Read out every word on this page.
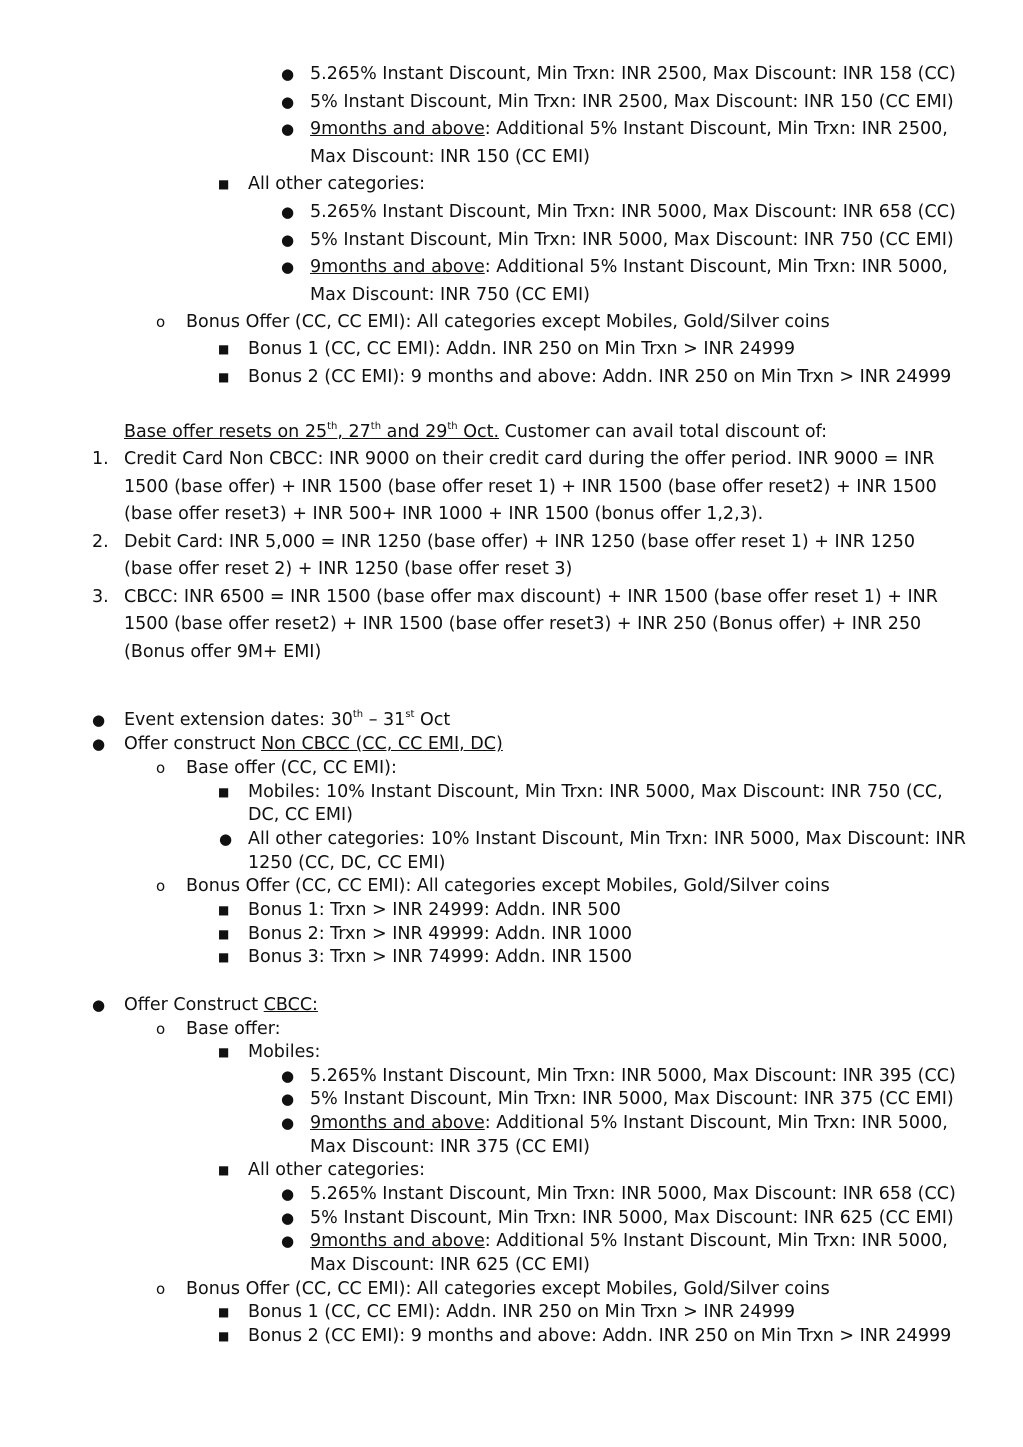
● 5.265% Instant Discount, Min Trxn: INR 2500, Max Discount: INR 158 (CC)
● 5% Instant Discount, Min Trxn: INR 2500, Max Discount: INR 150 (CC EMI)
● 9months and above: Additional 5% Instant Discount, Min Trxn: INR 2500,
Max Discount: INR 150 (CC EMI)
■ All other categories:
● 5.265% Instant Discount, Min Trxn: INR 5000, Max Discount: INR 658 (CC)
● 5% Instant Discount, Min Trxn: INR 5000, Max Discount: INR 750 (CC EMI)
● 9months and above: Additional 5% Instant Discount, Min Trxn: INR 5000,
Max Discount: INR 750 (CC EMI)
o Bonus Offer (CC, CC EMI): All categories except Mobiles, Gold/Silver coins
■ Bonus 1 (CC, CC EMI): Addn. INR 250 on Min Trxn > INR 24999
■ Bonus 2 (CC EMI): 9 months and above: Addn. INR 250 on Min Trxn > INR 24999
Base offer resets on 25th, 27th and 29th Oct. Customer can avail total discount of:
1. Credit Card Non CBCC: INR 9000 on their credit card during the offer period. INR 9000 = INR
1500 (base offer) + INR 1500 (base offer reset 1) + INR 1500 (base offer reset2) + INR 1500
(base offer reset3) + INR 500+ INR 1000 + INR 1500 (bonus offer 1,2,3).
2. Debit Card: INR 5,000 = INR 1250 (base offer) + INR 1250 (base offer reset 1) + INR 1250
(base offer reset 2) + INR 1250 (base offer reset 3)
3. CBCC: INR 6500 = INR 1500 (base offer max discount) + INR 1500 (base offer reset 1) + INR
1500 (base offer reset2) + INR 1500 (base offer reset3) + INR 250 (Bonus offer) + INR 250
(Bonus offer 9M+ EMI)
● Event extension dates: 30th – 31st Oct
● Offer construct Non CBCC (CC, CC EMI, DC)
o Base offer (CC, CC EMI):
■ Mobiles: 10% Instant Discount, Min Trxn: INR 5000, Max Discount: INR 750 (CC,
DC, CC EMI)
● All other categories: 10% Instant Discount, Min Trxn: INR 5000, Max Discount: INR
1250 (CC, DC, CC EMI)
o Bonus Offer (CC, CC EMI): All categories except Mobiles, Gold/Silver coins
■ Bonus 1: Trxn > INR 24999: Addn. INR 500
■ Bonus 2: Trxn > INR 49999: Addn. INR 1000
■ Bonus 3: Trxn > INR 74999: Addn. INR 1500
● Offer Construct CBCC:
o Base offer:
■ Mobiles:
● 5.265% Instant Discount, Min Trxn: INR 5000, Max Discount: INR 395 (CC)
● 5% Instant Discount, Min Trxn: INR 5000, Max Discount: INR 375 (CC EMI)
● 9months and above: Additional 5% Instant Discount, Min Trxn: INR 5000,
Max Discount: INR 375 (CC EMI)
■ All other categories:
● 5.265% Instant Discount, Min Trxn: INR 5000, Max Discount: INR 658 (CC)
● 5% Instant Discount, Min Trxn: INR 5000, Max Discount: INR 625 (CC EMI)
● 9months and above: Additional 5% Instant Discount, Min Trxn: INR 5000,
Max Discount: INR 625 (CC EMI)
o Bonus Offer (CC, CC EMI): All categories except Mobiles, Gold/Silver coins
■ Bonus 1 (CC, CC EMI): Addn. INR 250 on Min Trxn > INR 24999
■ Bonus 2 (CC EMI): 9 months and above: Addn. INR 250 on Min Trxn > INR 24999
